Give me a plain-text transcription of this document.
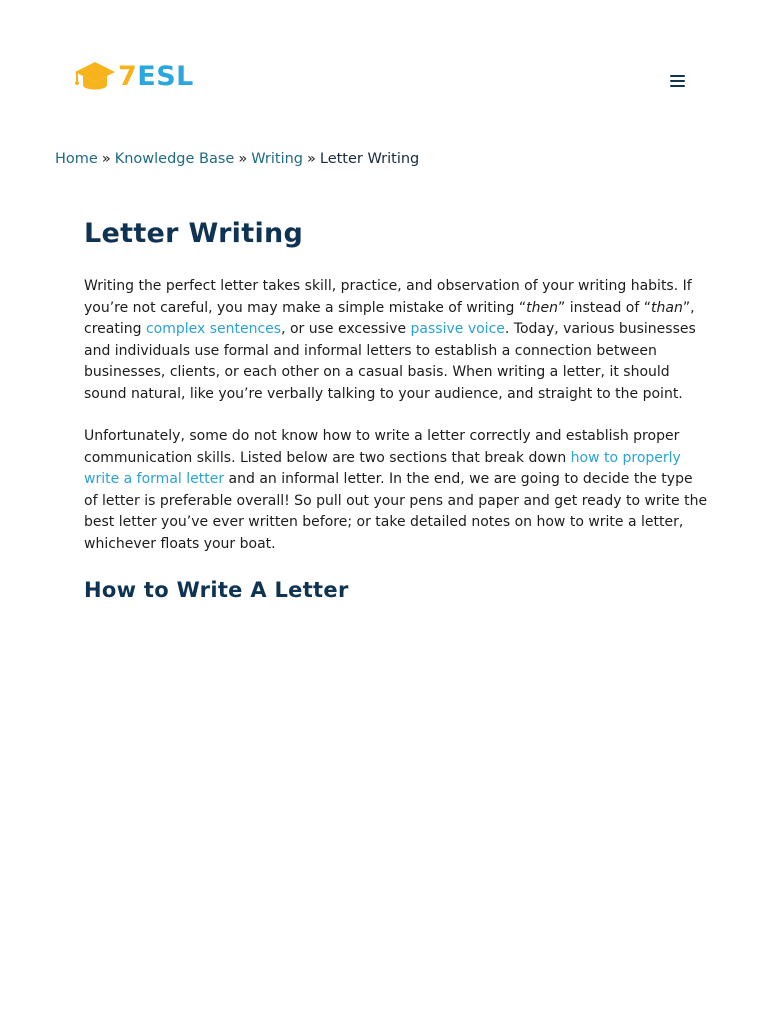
7 ESL
Home » Knowledge Base » Writing » Letter Writing
Letter Writing

Writing the perfect letter takes skill, practice, and observation of your writing habits. If you’re not careful, you may make a simple mistake of writing “then” instead of “than”, creating complex sentences, or use excessive passive voice. Today, various businesses and individuals use formal and informal letters to establish a connection between businesses, clients, or each other on a casual basis. When writing a letter, it should sound natural, like you’re verbally talking to your audience, and straight to the point.

Unfortunately, some do not know how to write a letter correctly and establish proper communication skills. Listed below are two sections that break down how to properly write a formal letter and an informal letter. In the end, we are going to decide the type of letter is preferable overall! So pull out your pens and paper and get ready to write the best letter you’ve ever written before; or take detailed notes on how to write a letter, whichever floats your boat.

How to Write A Letter
